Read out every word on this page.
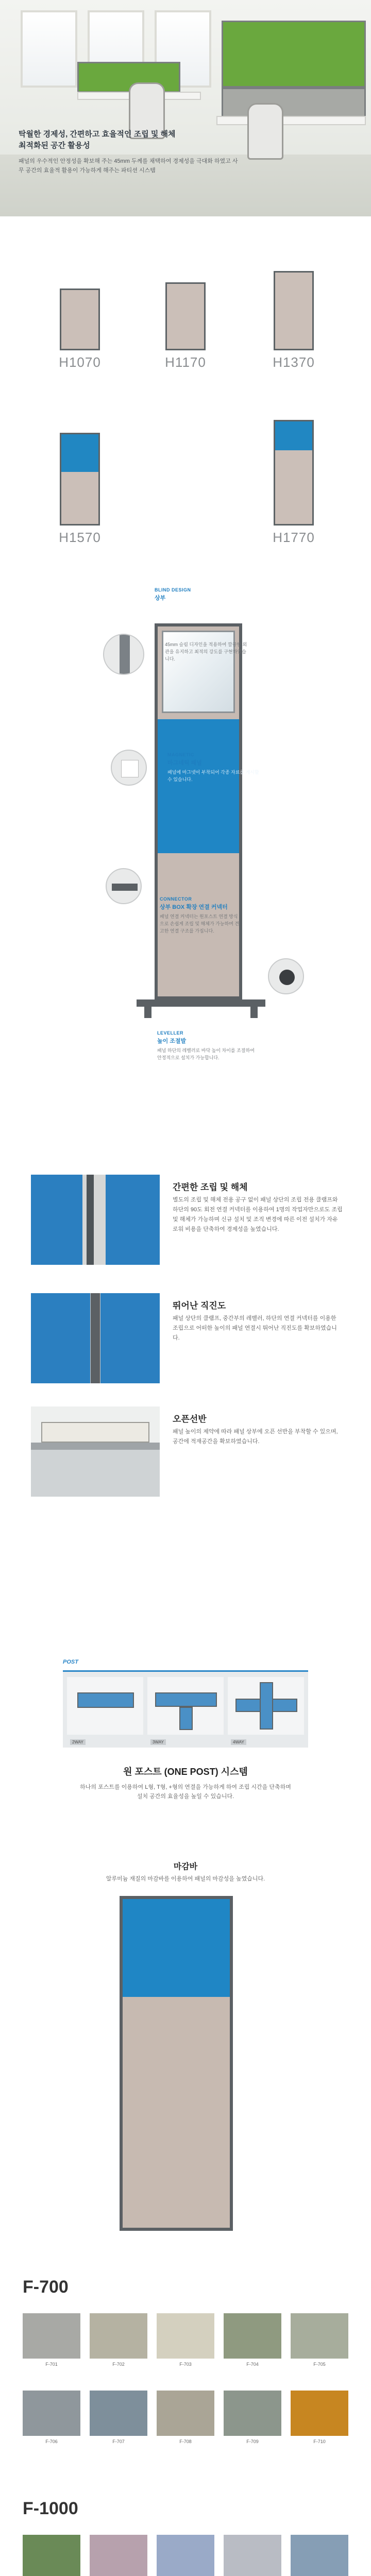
탁월한 경제성, 간편하고 효율적인 조립 및 해체
최적화된 공간 활용성
패널의 우수적인 안정성을 확보해 주는 45mm 두께를 채택하여 경제성을 극대화 하였고 사무 공간의 효율적 활용이 가능하게 해주는 파티션 시스템
H1070	H1170	H1370
H1570	H1770
BLIND DESIGN
상부
45mm 슬림 디자인을 적용하여 깔끔한 외관을 유지하고 최적의 강도를 구현하였습니다.
MAGNETIC
마그네틱 패널
패널에 마그넷이 부착되어 각종 자료를 게시할 수 있습니다.
CONNECTOR
상부 BOX 확장 연결 커넥터
패널 연결 커넥터는 원포스트 연결 방식으로 손쉽게 조립 및 해체가 가능하며 견고한 연결 구조를 가집니다.
LEVELLER
높이 조절발
패널 하단의 레벨러로 바닥 높이 차이를 조절하여 안정적으로 설치가 가능합니다.
간편한 조립 및 해체
별도의 조립 및 해체 전용 공구 없이 패널 상단의 조립 전용 클램프와 하단의 90도 회전 연결 커넥터를 이용하여 1명의 작업자만으로도 조립 및 해체가 가능하며 신규 설치 및 조직 변경에 따른 이전 설치가 자유로워 비용을 단축하여 경제성을 높였습니다.
뛰어난 직진도
패널 상단의 클램프, 중간부의 레벨러, 하단의 연결 커넥터를 이용한 조립으로 어떠한 높이의 패널 연결시 뛰어난 직진도를 확보하였습니다.
오픈선반
패널 높이의 제약에 따라 패널 상부에 오픈 선반을 부착할 수 있으며, 공간에 적재공간을 확보하였습니다.
POST
2WAY	3WAY	4WAY
원 포스트 (ONE POST) 시스템
하나의 포스트를 이용하여 L형, T형, +형의 연결을 가능하게 하여 조립 시간을 단축하며 설치 공간의 효율성을 높일 수 있습니다.
마감바
알루미늄 재질의 마감바를 이용하여 패널의 마감성을 높였습니다.
F-700
F-701	F-702	F-703	F-704	F-705
F-706	F-707	F-708	F-709	F-710
F-1000
